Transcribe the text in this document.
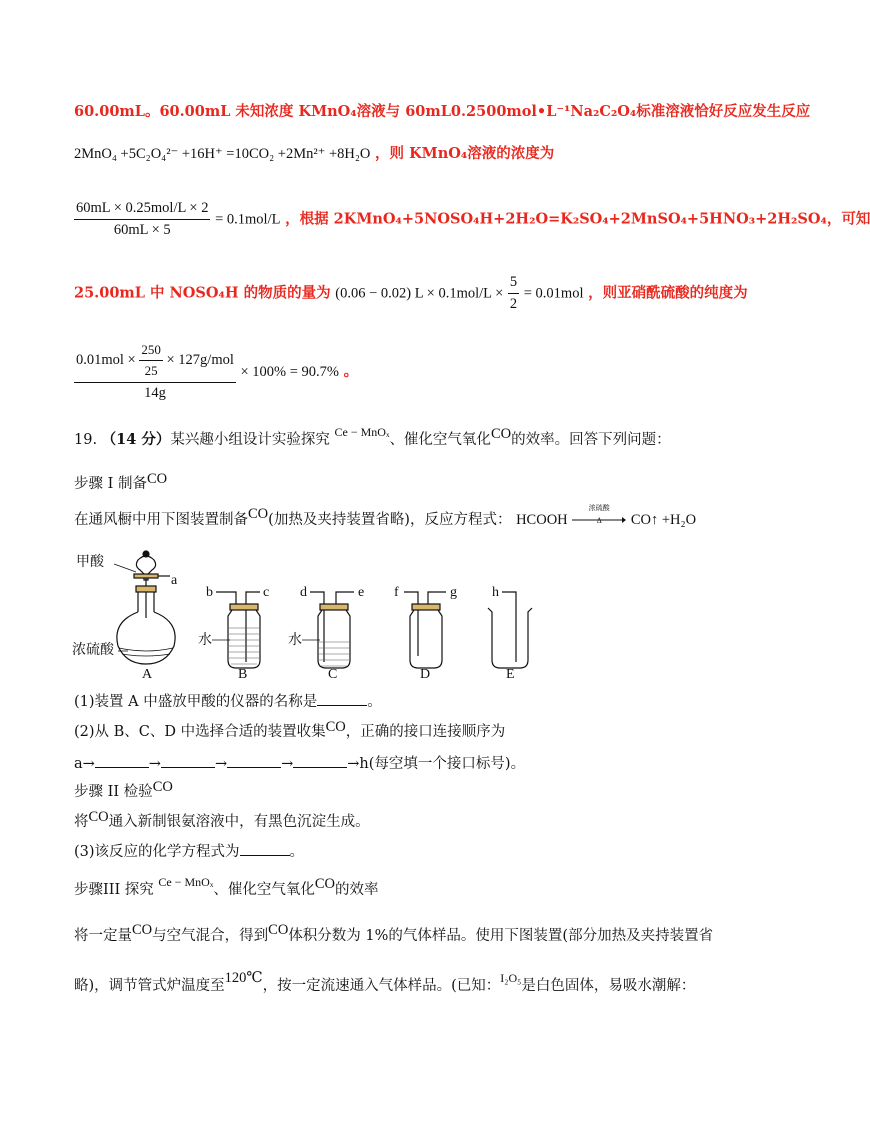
60.00mL。60.00mL 未知浓度 KMnO₄溶液与 60mL0.2500mol•L⁻¹Na₂C₂O₄标准溶液恰好反应发生反应
2MnO₄ +5C₂O₄²⁻ +16H⁺ =10CO₂ +2Mn²⁺ +8H₂O ，则 KMnO₄溶液的浓度为
$\frac{\text{60mL × 0.25mol/L × 2}}{60mL \times 5} = 0.1mol/L$ ，根据 2KMnO₄+5NOSO₄H+2H₂O=K₂SO₄+2MnSO₄+5HNO₃+2H₂SO₄，可知
25.00mL 中 NOSO₄H 的物质的量为 (0.06 − 0.02) $L \times 0.1mol/L \times \frac{5}{2} = 0.01mol$ ，则亚硝酰硫酸的纯度为
$0.01mol \times \frac{250}{25} \times 127g/mol$
14g
× 100% = 90.7% 。
19. （14 分）某兴趣小组设计实验探究 $^{Ce - MnO_x}$、催化空气氧化CO的效率。回答下列问题：
步骤 I 制备CO
在通风橱中用下图装置制备CO(加热及夹持装置省略)，反应方程式： HCOOH
浓硫酸
Δ	CO↑ +H₂O
甲酸
a
浓硫酸
A
b	c
水
B
d	e
水
C
f	g
D
h
E
(1)装置 A 中盛放甲酸的仪器的名称是	。
(2)从 B、C、D 中选择合适的装置收集CO，正确的接口连接顺序为
a→	→	→	→	→h(每空填一个接口标号)。
步骤 II 检验CO
将CO通入新制银氨溶液中，有黑色沉淀生成。
(3)该反应的化学方程式为	。
步骤III 探究 $^{Ce - MnO_x}$、催化空气氧化CO的效率
将一定量CO与空气混合，得到CO体积分数为 1%的气体样品。使用下图装置(部分加热及夹持装置省
略)，调节管式炉温度至120℃，按一定流速通入气体样品。(已知：$^{I_2O_5}$是白色固体，易吸水潮解：
